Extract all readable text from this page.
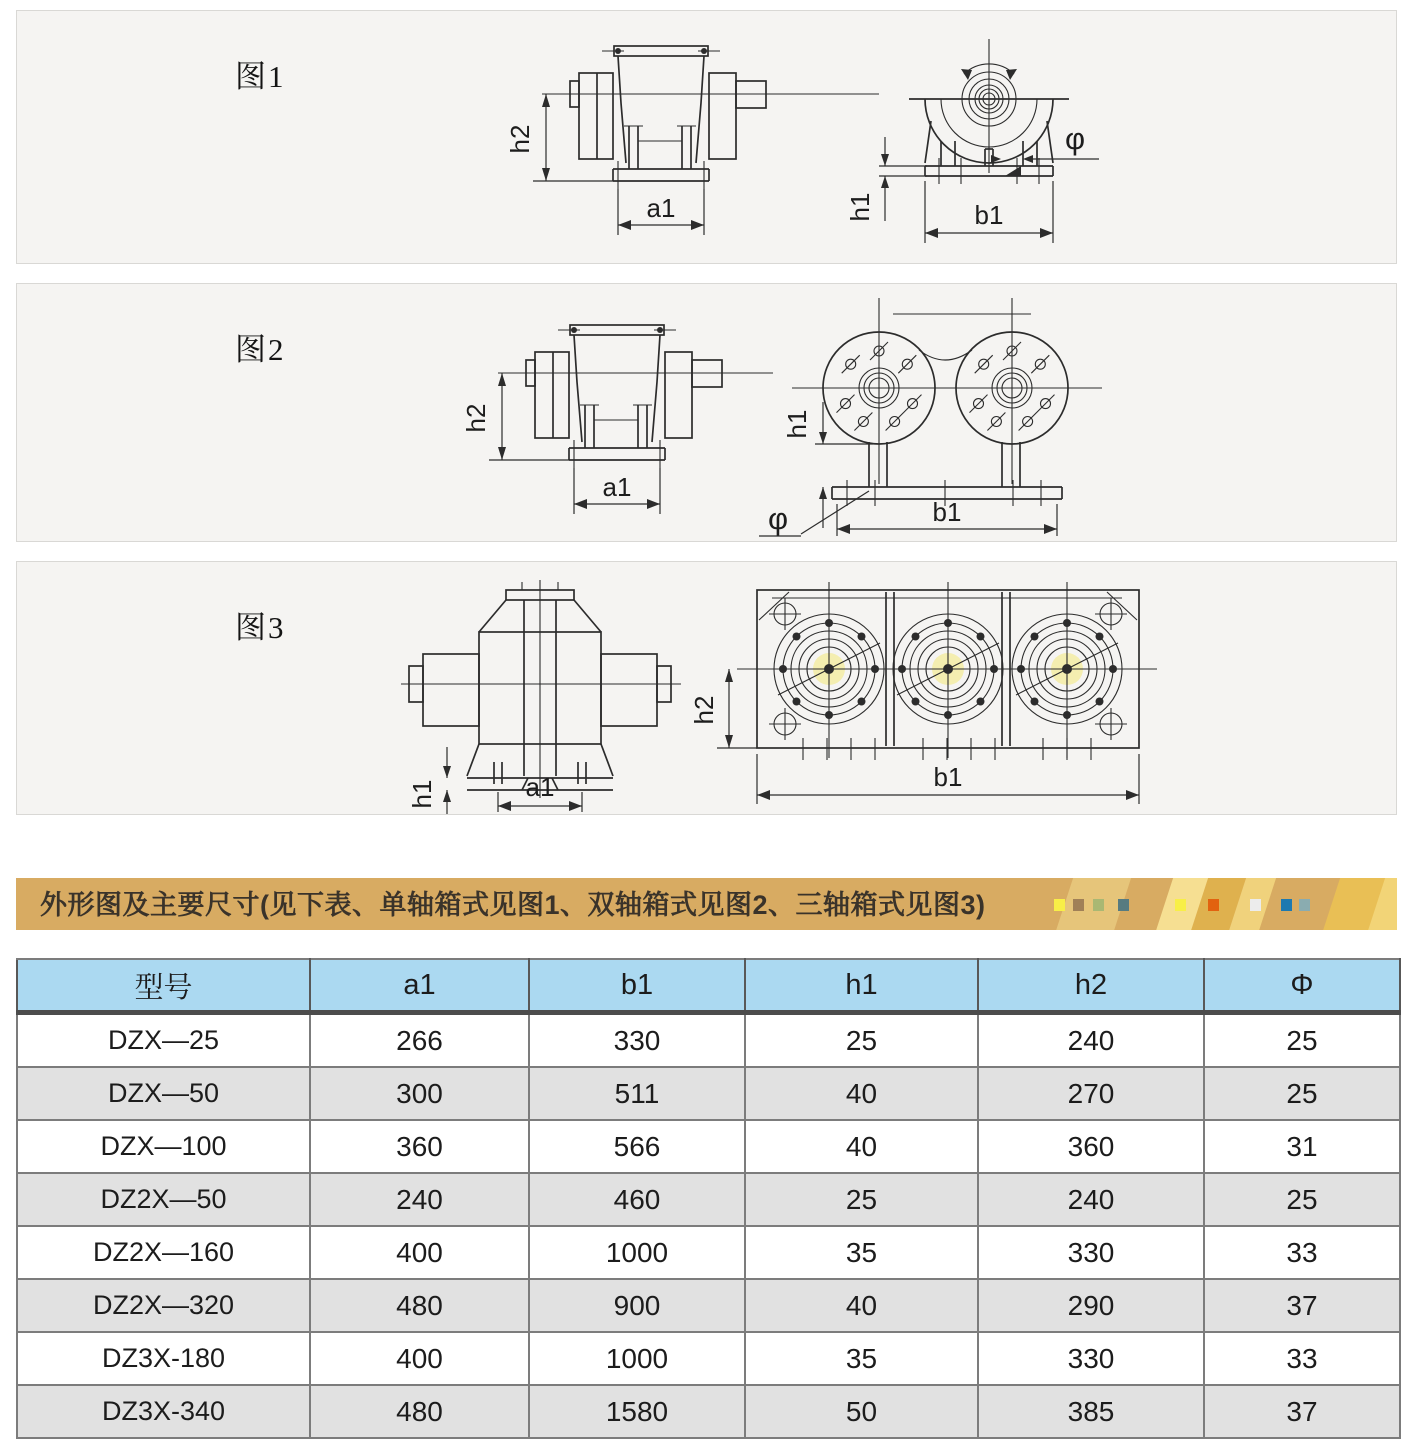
图1
h2
a1
φ
h1	b1
图2
h2
a1
h1
φ	b1
图3
h1	a1
h2
b1
外形图及主要尺寸(见下表、单轴箱式见图1、双轴箱式见图2、三轴箱式见图3)
型号	a1	b1	h1	h2	Φ
DZX—25	266	330	25	240	25
DZX—50	300	511	40	270	25
DZX—100	360	566	40	360	31
DZ2X—50	240	460	25	240	25
DZ2X—160	400	1000	35	330	33
DZ2X—320	480	900	40	290	37
DZ3X-180	400	1000	35	330	33
DZ3X-340	480	1580	50	385	37
